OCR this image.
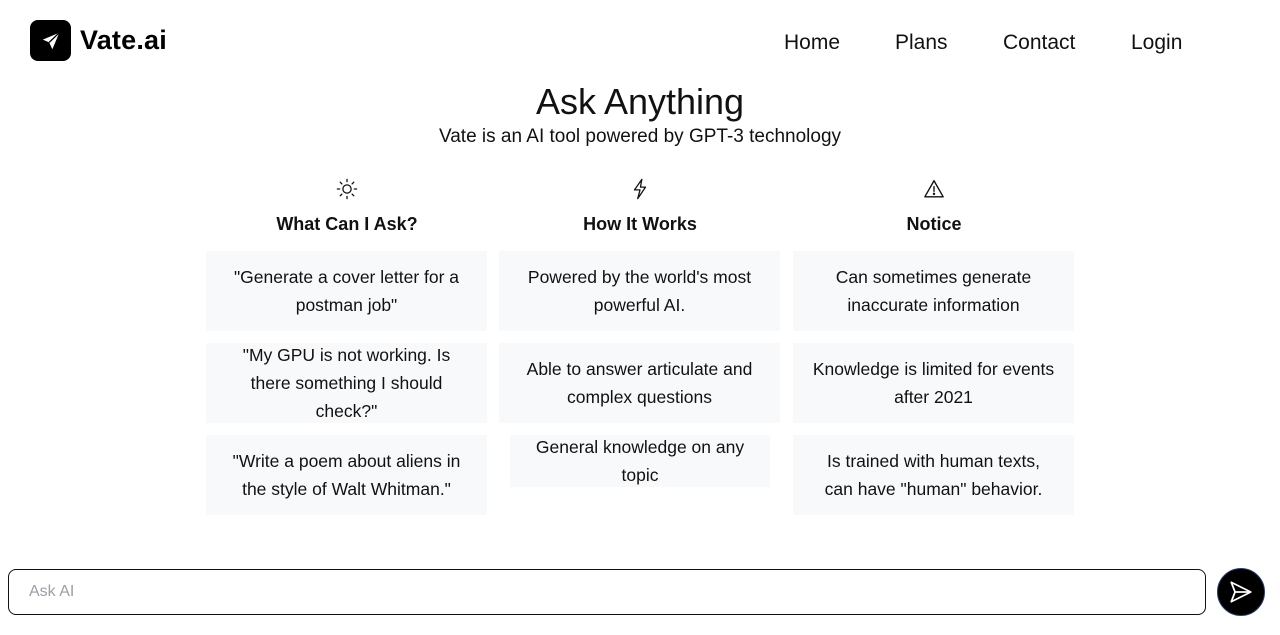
Vate.ai	Home	Plans	Contact	Login
Ask Anything

Vate is an AI tool powered by GPT-3 technology

What Can I Ask?
"Generate a cover letter for a postman job"
"My GPU is not working. Is there something I should check?"
"Write a poem about aliens in the style of Walt Whitman."
How It Works
Powered by the world's most powerful AI.
Able to answer articulate and complex questions
General knowledge on any topic
Notice
Can sometimes generate inaccurate information
Knowledge is limited for events after 2021
Is trained with human texts, can have "human" behavior.
Ask AI
